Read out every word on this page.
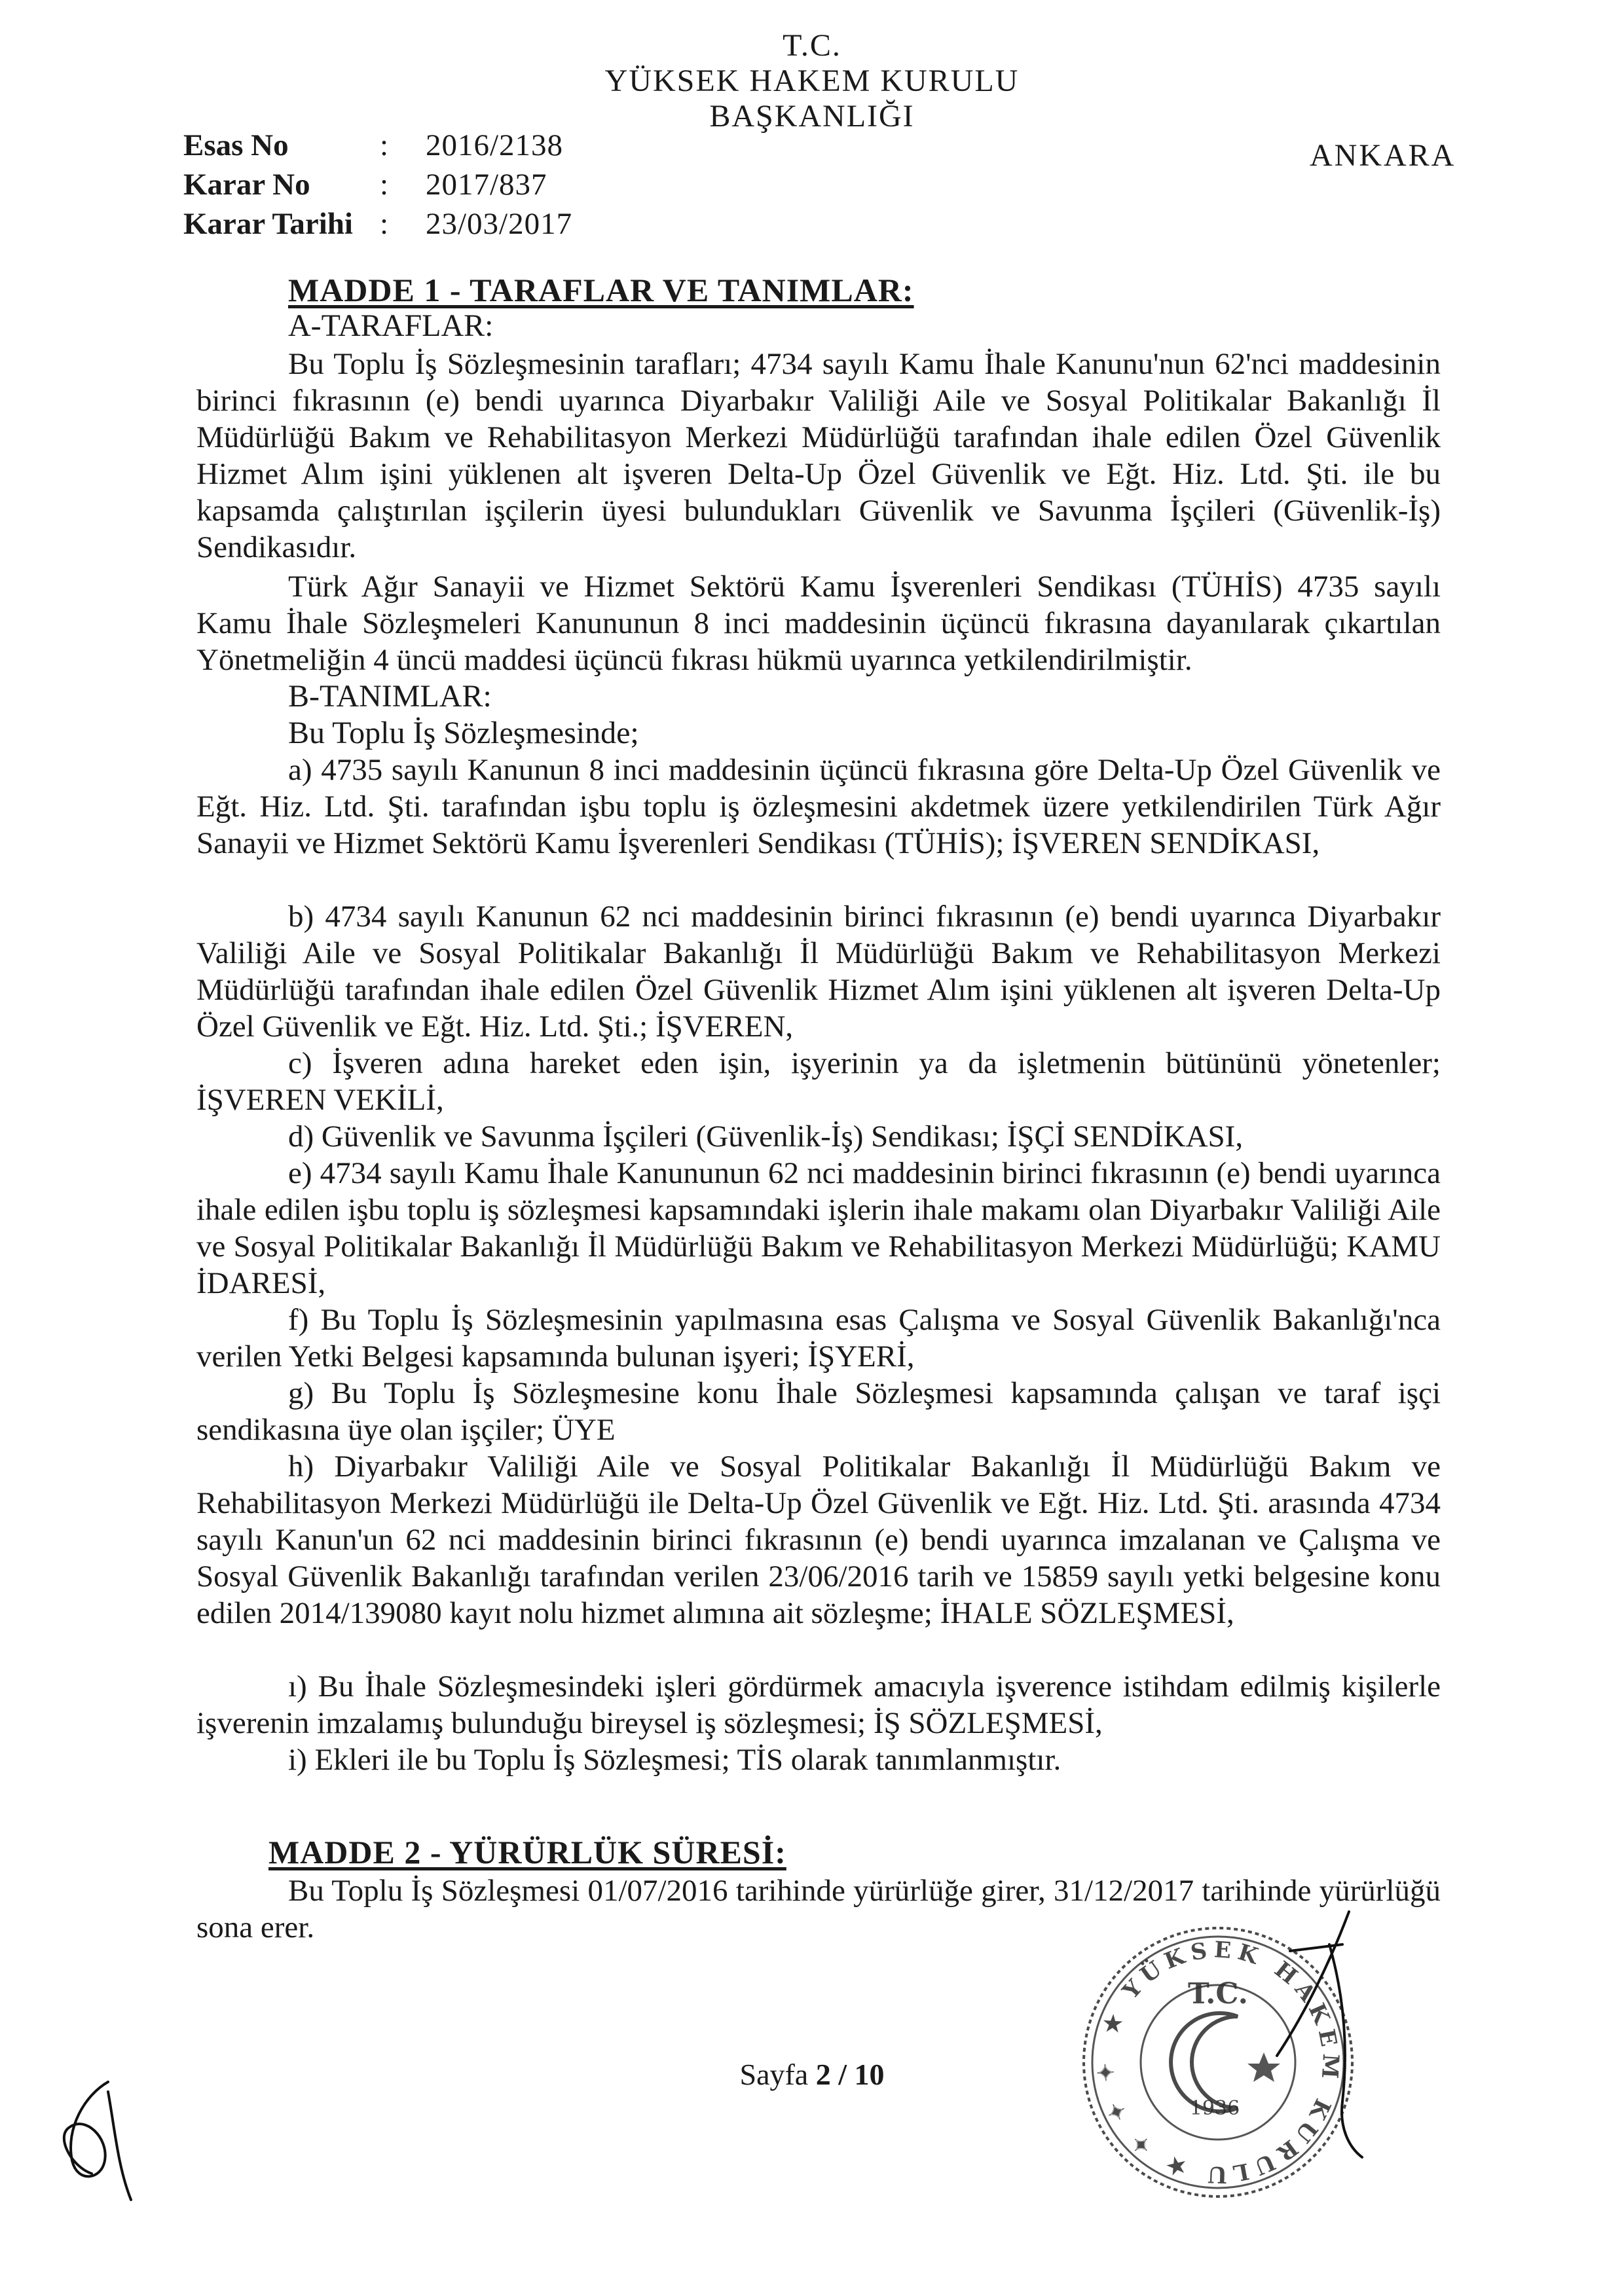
T.C.
YÜKSEK HAKEM KURULU
BAŞKANLIĞI
ANKARA
Esas No	:	2016/2138
Karar No	:	2017/837
Karar Tarihi :	23/03/2017
MADDE 1 - TARAFLAR VE TANIMLAR:
A-TARAFLAR:
Bu Toplu İş Sözleşmesinin tarafları; 4734 sayılı Kamu İhale Kanunu'nun 62'nci maddesinin birinci fıkrasının (e) bendi uyarınca Diyarbakır Valiliği Aile ve Sosyal Politikalar Bakanlığı İl Müdürlüğü Bakım ve Rehabilitasyon Merkezi Müdürlüğü tarafından ihale edilen Özel Güvenlik Hizmet Alım işini yüklenen alt işveren Delta-Up Özel Güvenlik ve Eğt. Hiz. Ltd. Şti. ile bu kapsamda çalıştırılan işçilerin üyesi bulundukları Güvenlik ve Savunma İşçileri (Güvenlik-İş) Sendikasıdır.
Türk Ağır Sanayii ve Hizmet Sektörü Kamu İşverenleri Sendikası (TÜHİS) 4735 sayılı Kamu İhale Sözleşmeleri Kanununun 8 inci maddesinin üçüncü fıkrasına dayanılarak çıkartılan Yönetmeliğin 4 üncü maddesi üçüncü fıkrası hükmü uyarınca yetkilendirilmiştir.
B-TANIMLAR:
Bu Toplu İş Sözleşmesinde;
a) 4735 sayılı Kanunun 8 inci maddesinin üçüncü fıkrasına göre Delta-Up Özel Güvenlik ve Eğt. Hiz. Ltd. Şti. tarafından işbu toplu iş özleşmesini akdetmek üzere yetkilendirilen Türk Ağır Sanayii ve Hizmet Sektörü Kamu İşverenleri Sendikası (TÜHİS); İŞVEREN SENDİKASI,
b) 4734 sayılı Kanunun 62 nci maddesinin birinci fıkrasının (e) bendi uyarınca Diyarbakır Valiliği Aile ve Sosyal Politikalar Bakanlığı İl Müdürlüğü Bakım ve Rehabilitasyon Merkezi Müdürlüğü tarafından ihale edilen Özel Güvenlik Hizmet Alım işini yüklenen alt işveren Delta-Up Özel Güvenlik ve Eğt. Hiz. Ltd. Şti.; İŞVEREN,
c) İşveren adına hareket eden işin, işyerinin ya da işletmenin bütününü yönetenler; İŞVEREN VEKİLİ,
d) Güvenlik ve Savunma İşçileri (Güvenlik-İş) Sendikası; İŞÇİ SENDİKASI,
e) 4734 sayılı Kamu İhale Kanununun 62 nci maddesinin birinci fıkrasının (e) bendi uyarınca ihale edilen işbu toplu iş sözleşmesi kapsamındaki işlerin ihale makamı olan Diyarbakır Valiliği Aile ve Sosyal Politikalar Bakanlığı İl Müdürlüğü Bakım ve Rehabilitasyon Merkezi Müdürlüğü; KAMU İDARESİ,
f) Bu Toplu İş Sözleşmesinin yapılmasına esas Çalışma ve Sosyal Güvenlik Bakanlığı'nca verilen Yetki Belgesi kapsamında bulunan işyeri; İŞYERİ,
g) Bu Toplu İş Sözleşmesine konu İhale Sözleşmesi kapsamında çalışan ve taraf işçi sendikasına üye olan işçiler; ÜYE
h) Diyarbakır Valiliği Aile ve Sosyal Politikalar Bakanlığı İl Müdürlüğü Bakım ve Rehabilitasyon Merkezi Müdürlüğü ile Delta-Up Özel Güvenlik ve Eğt. Hiz. Ltd. Şti. arasında 4734 sayılı Kanun'un 62 nci maddesinin birinci fıkrasının (e) bendi uyarınca imzalanan ve Çalışma ve Sosyal Güvenlik Bakanlığı tarafından verilen 23/06/2016 tarih ve 15859 sayılı yetki belgesine konu edilen 2014/139080 kayıt nolu hizmet alımına ait sözleşme; İHALE SÖZLEŞMESİ,
ı) Bu İhale Sözleşmesindeki işleri gördürmek amacıyla işverence istihdam edilmiş kişilerle işverenin imzalamış bulunduğu bireysel iş sözleşmesi; İŞ SÖZLEŞMESİ,
i) Ekleri ile bu Toplu İş Sözleşmesi; TİS olarak tanımlanmıştır.
MADDE 2 - YÜRÜRLÜK SÜRESİ:
Bu Toplu İş Sözleşmesi 01/07/2016 tarihinde yürürlüğe girer, 31/12/2017 tarihinde yürürlüğü sona erer.
★ YÜKSEK HAKEM KURULU ★ ✦ ✦ ✦
T.C.
1936
Sayfa 2 / 10
